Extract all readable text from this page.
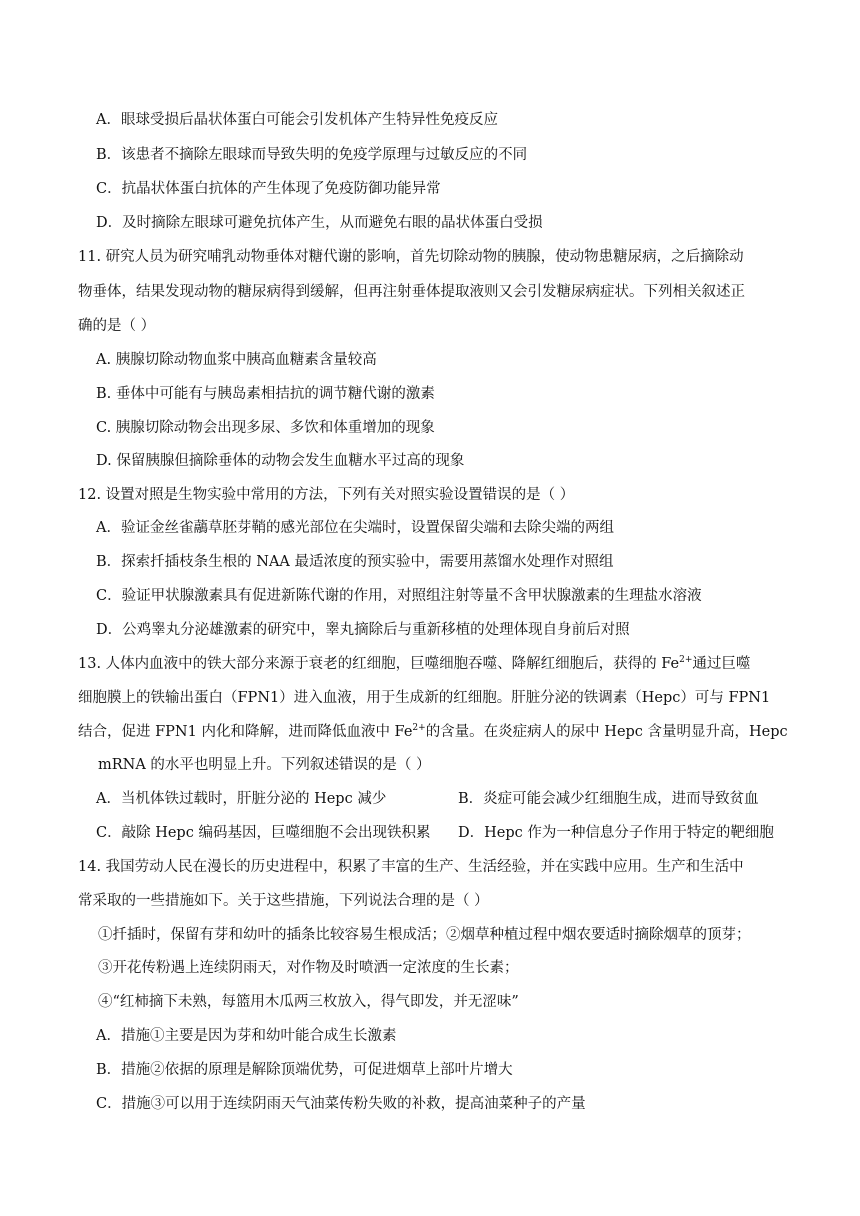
A．眼球受损后晶状体蛋白可能会引发机体产生特异性免疫反应
B．该患者不摘除左眼球而导致失明的免疫学原理与过敏反应的不同
C．抗晶状体蛋白抗体的产生体现了免疫防御功能异常
D．及时摘除左眼球可避免抗体产生，从而避免右眼的晶状体蛋白受损
11. 研究人员为研究哺乳动物垂体对糖代谢的影响，首先切除动物的胰腺，使动物患糖尿病，之后摘除动
物垂体，结果发现动物的糖尿病得到缓解，但再注射垂体提取液则又会引发糖尿病症状。下列相关叙述正
确的是（ ）
A. 胰腺切除动物血浆中胰高血糖素含量较高
B. 垂体中可能有与胰岛素相拮抗的调节糖代谢的激素
C. 胰腺切除动物会出现多尿、多饮和体重增加的现象
D. 保留胰腺但摘除垂体的动物会发生血糖水平过高的现象
12. 设置对照是生物实验中常用的方法，下列有关对照实验设置错误的是（ ）
A．验证金丝雀虉草胚芽鞘的感光部位在尖端时，设置保留尖端和去除尖端的两组
B．探索扦插枝条生根的 NAA 最适浓度的预实验中，需要用蒸馏水处理作对照组
C．验证甲状腺激素具有促进新陈代谢的作用，对照组注射等量不含甲状腺激素的生理盐水溶液
D．公鸡睾丸分泌雄激素的研究中，睾丸摘除后与重新移植的处理体现自身前后对照
13. 人体内血液中的铁大部分来源于衰老的红细胞，巨噬细胞吞噬、降解红细胞后，获得的 $Fe^{2+}$通过巨噬
细胞膜上的铁输出蛋白（FPN1）进入血液，用于生成新的红细胞。肝脏分泌的铁调素（Hepc）可与 FPN1
结合，促进 FPN1 内化和降解，进而降低血液中 $Fe^{2+}$的含量。在炎症病人的尿中 Hepc 含量明显升高，Hepc
mRNA 的水平也明显上升。下列叙述错误的是（ ）
A．当机体铁过载时，肝脏分泌的 Hepc 减少	B．炎症可能会减少红细胞生成，进而导致贫血
C．敲除 Hepc 编码基因，巨噬细胞不会出现铁积累 D．Hepc 作为一种信息分子作用于特定的靶细胞
14. 我国劳动人民在漫长的历史进程中，积累了丰富的生产、生活经验，并在实践中应用。生产和生活中
常采取的一些措施如下。关于这些措施，下列说法合理的是（ ）
①扦插时，保留有芽和幼叶的插条比较容易生根成活；②烟草种植过程中烟农要适时摘除烟草的顶芽；
③开花传粉遇上连续阴雨天，对作物及时喷洒一定浓度的生长素；
④“红柿摘下未熟，每篮用木瓜两三枚放入，得气即发，并无涩味”
A．措施①主要是因为芽和幼叶能合成生长激素
B．措施②依据的原理是解除顶端优势，可促进烟草上部叶片增大
C．措施③可以用于连续阴雨天气油菜传粉失败的补救，提高油菜种子的产量
